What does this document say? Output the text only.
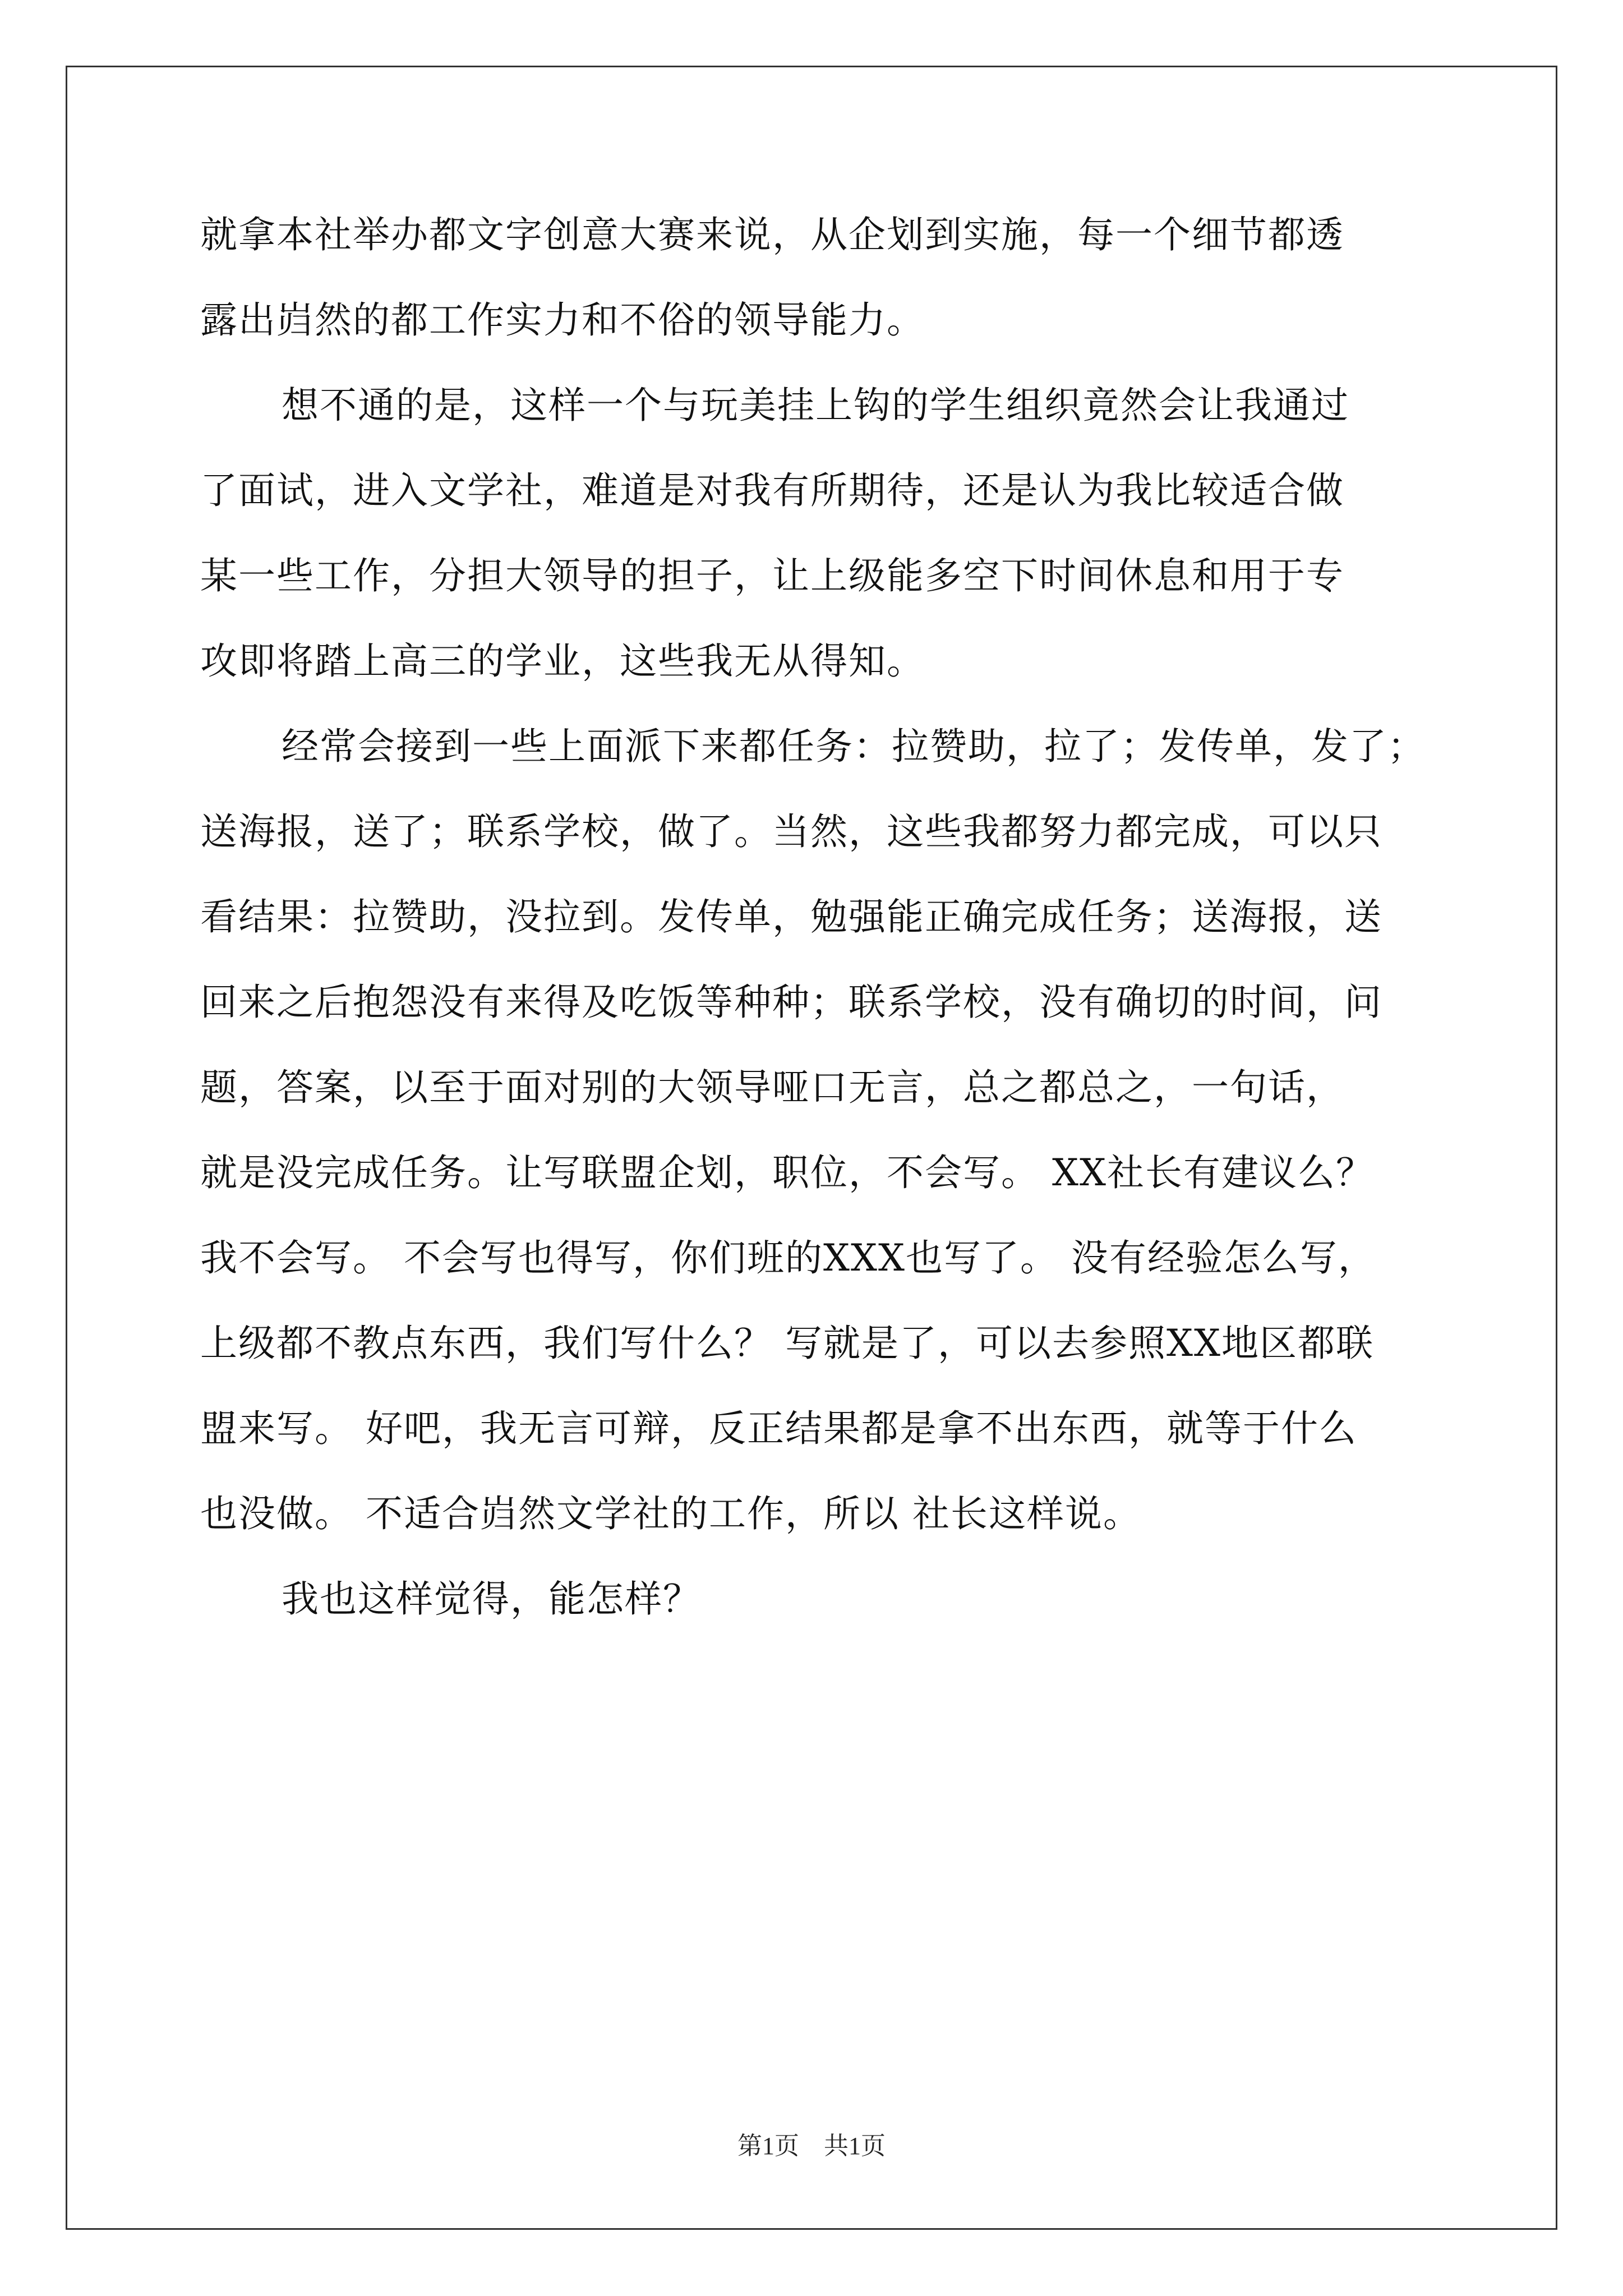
就拿本社举办都文字创意大赛来说，从企划到实施，每一个细节都透
露出岿然的都工作实力和不俗的领导能力。
想不通的是，这样一个与玩美挂上钩的学生组织竟然会让我通过
了面试，进入文学社，难道是对我有所期待，还是认为我比较适合做
某一些工作，分担大领导的担子，让上级能多空下时间休息和用于专
攻即将踏上高三的学业，这些我无从得知。
经常会接到一些上面派下来都任务：拉赞助，拉了；发传单，发了；
送海报，送了；联系学校，做了。当然，这些我都努力都完成，可以只
看结果：拉赞助，没拉到。发传单，勉强能正确完成任务；送海报，送
回来之后抱怨没有来得及吃饭等种种；联系学校，没有确切的时间，问
题，答案，以至于面对别的大领导哑口无言，总之都总之，一句话，
就是没完成任务。让写联盟企划，职位，不会写。 XX社长有建议么？
我不会写。 不会写也得写，你们班的XXX也写了。 没有经验怎么写，
上级都不教点东西，我们写什么？ 写就是了，可以去参照XX地区都联
盟来写。 好吧，我无言可辩，反正结果都是拿不出东西，就等于什么
也没做。 不适合岿然文学社的工作，所以 社长这样说。
我也这样觉得，能怎样？
第1页　共1页
